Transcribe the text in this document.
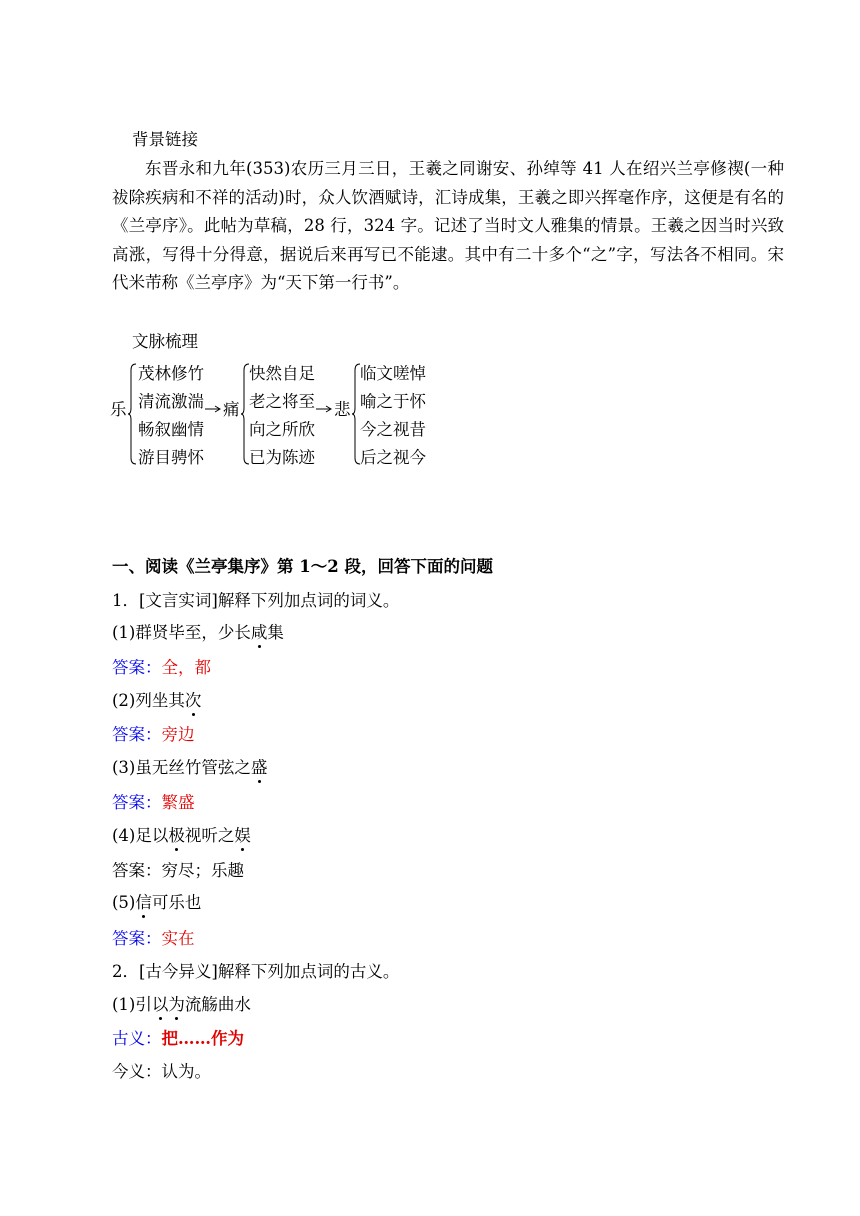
背景链接
东晋永和九年(353)农历三月三日，王羲之同谢安、孙绰等 41 人在绍兴兰亭修禊(一种祓除疾病和不祥的活动)时，众人饮酒赋诗，汇诗成集，王羲之即兴挥毫作序，这便是有名的《兰亭序》。此帖为草稿，28 行，324 字。记述了当时文人雅集的情景。王羲之因当时兴致高涨，写得十分得意，据说后来再写已不能逮。其中有二十多个“之”字，写法各不相同。宋代米芾称《兰亭序》为“天下第一行书”。
文脉梳理
乐
茂林修竹
清流激湍
畅叙幽情
游目骋怀
痛
快然自足
老之将至
向之所欣
已为陈迹
悲
临文嗟悼
喻之于怀
今之视昔
后之视今
一、阅读《兰亭集序》第 1～2 段，回答下面的问题
1．[文言实词]解释下列加点词的词义。
(1)群贤毕至，少长咸集
答案：全，都
(2)列坐其次
答案：旁边
(3)虽无丝竹管弦之盛
答案：繁盛
(4)足以极视听之娱
答案：穷尽；乐趣
(5)信可乐也
答案：实在
2．[古今异义]解释下列加点词的古义。
(1)引以为流觞曲水
古义：把……作为
今义：认为。
